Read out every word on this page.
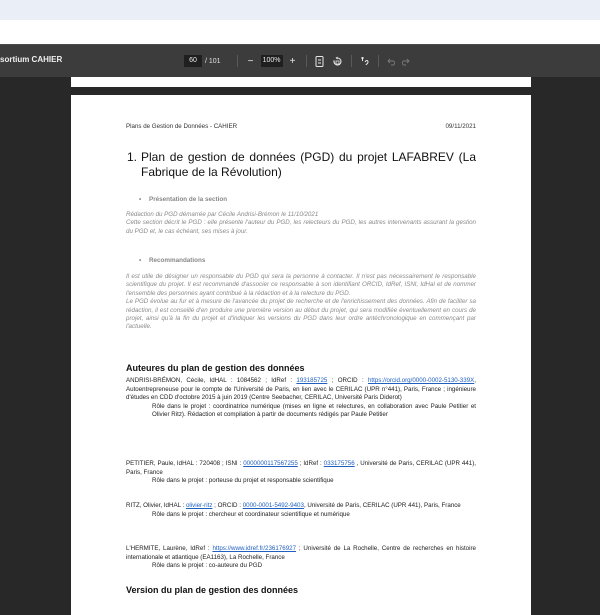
sortium CAHIER	60	/ 101	−	100% +
Plans de Gestion de Données - CAHIER	09/11/2021
1. Plan de gestion de données (PGD) du projet LAFABREV (La Fabrique de la Révolution)
• Présentation de la section
Rédaction du PGD démarrée par Cécile Andrisi-Brémon le 11/10/2021
Cette section décrit le PGD : elle présente l'auteur du PGD, les relecteurs du PGD, les autres intervenants assurant la gestion du PGD et, le cas échéant, ses mises à jour.
• Recommandations
Il est utile de désigner un responsable du PGD qui sera la personne à contacter. Il n'est pas nécessairement le responsable scientifique du projet. Il est recommandé d'associer ce responsable à son identifiant ORCID, IdRef, ISNI, IdHal et de nommer l'ensemble des personnes ayant contribué à la rédaction et à la relecture du PGD.
Le PGD évolue au fur et à mesure de l'avancée du projet de recherche et de l'enrichissement des données. Afin de faciliter sa rédaction, il est conseillé d'en produire une première version au début du projet, qui sera modifiée éventuellement en cours de projet, ainsi qu'à la fin du projet et d'indiquer les versions du PGD dans leur ordre antéchronologique en commençant par l'actuelle.
Auteures du plan de gestion des données
ANDRISI-BRÉMON, Cécile, IdHAL : 1084562 ; IdRef : 193185725 ; ORCID : https://orcid.org/0000-0002-5130-339X, Autoentrepreneuse pour le compte de l'Université de Paris, en lien avec le CERILAC (UPR n°441), Paris, France ; ingénieure d'études en CDD d'octobre 2015 à juin 2019 (Centre Seebacher, CERILAC, Université Paris Diderot)
Rôle dans le projet : coordinatrice numérique (mises en ligne et relectures, en collaboration avec Paule Petitier et Olivier Ritz). Rédaction et compilation à partir de documents rédigés par Paule Petitier
PETITIER, Paule, IdHAL : 720408 ; ISNI : 0000000117567255 ; IdRef : 033175756 , Université de Paris, CERILAC (UPR 441), Paris, France
Rôle dans le projet : porteuse du projet et responsable scientifique
RITZ, Olivier, IdHAL : olivier-ritz ; ORCID : 0000-0001-5492-9403, Université de Paris, CERILAC (UPR 441), Paris, France
Rôle dans le projet : chercheur et coordinateur scientifique et numérique
L'HERMITE, Laurène, IdRef : https://www.idref.fr/236176927 ; Université de La Rochelle, Centre de recherches en histoire internationale et atlantique (EA1163), La Rochelle, France
Rôle dans le projet : co-auteure du PGD
Version du plan de gestion des données
